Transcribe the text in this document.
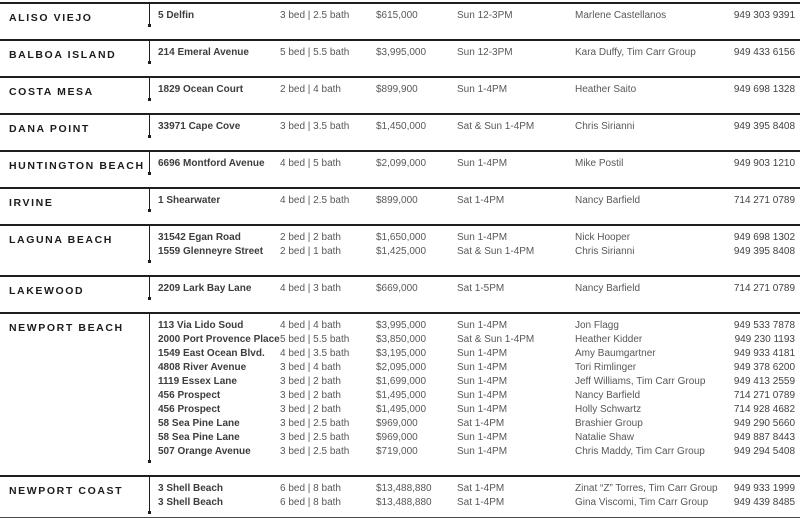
ALISO VIEJO	5 Delfin	3 bed | 2.5 bath	$615,000	Sun 12-3PM	Marlene Castellanos	949 303 9391
BALBOA ISLAND	214 Emeral Avenue	5 bed | 5.5 bath	$3,995,000	Sun 12-3PM	Kara Duffy, Tim Carr Group	949 433 6156
COSTA MESA	1829 Ocean Court	2 bed | 4 bath	$899,900	Sun 1-4PM	Heather Saito	949 698 1328
DANA POINT	33971 Cape Cove	3 bed | 3.5 bath	$1,450,000	Sat & Sun 1-4PM	Chris Sirianni	949 395 8408
HUNTINGTON BEACH 6696 Montford Avenue	4 bed | 5 bath	$2,099,000	Sun 1-4PM	Mike Postil	949 903 1210
IRVINE	1 Shearwater	4 bed | 2.5 bath	$899,000	Sat 1-4PM	Nancy Barfield	714 271 0789
LAGUNA BEACH	31542 Egan Road	2 bed | 2 bath	$1,650,000	Sun 1-4PM	Nick Hooper	949 698 1302
1559 Glenneyre Street	2 bed | 1 bath	$1,425,000	Sat & Sun 1-4PM	Chris Sirianni	949 395 8408
LAKEWOOD	2209 Lark Bay Lane	4 bed | 3 bath	$669,000	Sat 1-5PM	Nancy Barfield	714 271 0789
NEWPORT BEACH	113 Via Lido Soud	4 bed | 4 bath	$3,995,000	Sun 1-4PM	Jon Flagg	949 533 7878
2000 Port Provence Place 5 bed | 5.5 bath	$3,850,000	Sat & Sun 1-4PM	Heather Kidder	949 230 1193
1549 East Ocean Blvd.	4 bed | 3.5 bath	$3,195,000	Sun 1-4PM	Amy Baumgartner	949 933 4181
4808 River Avenue	3 bed | 4 bath	$2,095,000	Sun 1-4PM	Tori Rimlinger	949 378 6200
1119 Essex Lane	3 bed | 2 bath	$1,699,000	Sun 1-4PM	Jeff Williams, Tim Carr Group	949 413 2559
456 Prospect	3 bed | 2 bath	$1,495,000	Sun 1-4PM	Nancy Barfield	714 271 0789
456 Prospect	3 bed | 2 bath	$1,495,000	Sun 1-4PM	Holly Schwartz	714 928 4682
58 Sea Pine Lane	3 bed | 2.5 bath	$969,000	Sat 1-4PM	Brashier Group	949 290 5660
58 Sea Pine Lane	3 bed | 2.5 bath	$969,000	Sun 1-4PM	Natalie Shaw	949 887 8443
507 Orange Avenue	3 bed | 2.5 bath	$719,000	Sun 1-4PM	Chris Maddy, Tim Carr Group	949 294 5408
NEWPORT COAST	3 Shell Beach	6 bed | 8 bath	$13,488,880	Sat 1-4PM	Zinat “Z” Torres, Tim Carr Group	949 933 1999
3 Shell Beach	6 bed | 8 bath	$13,488,880	Sat 1-4PM	Gina Viscomi, Tim Carr Group	949 439 8485
